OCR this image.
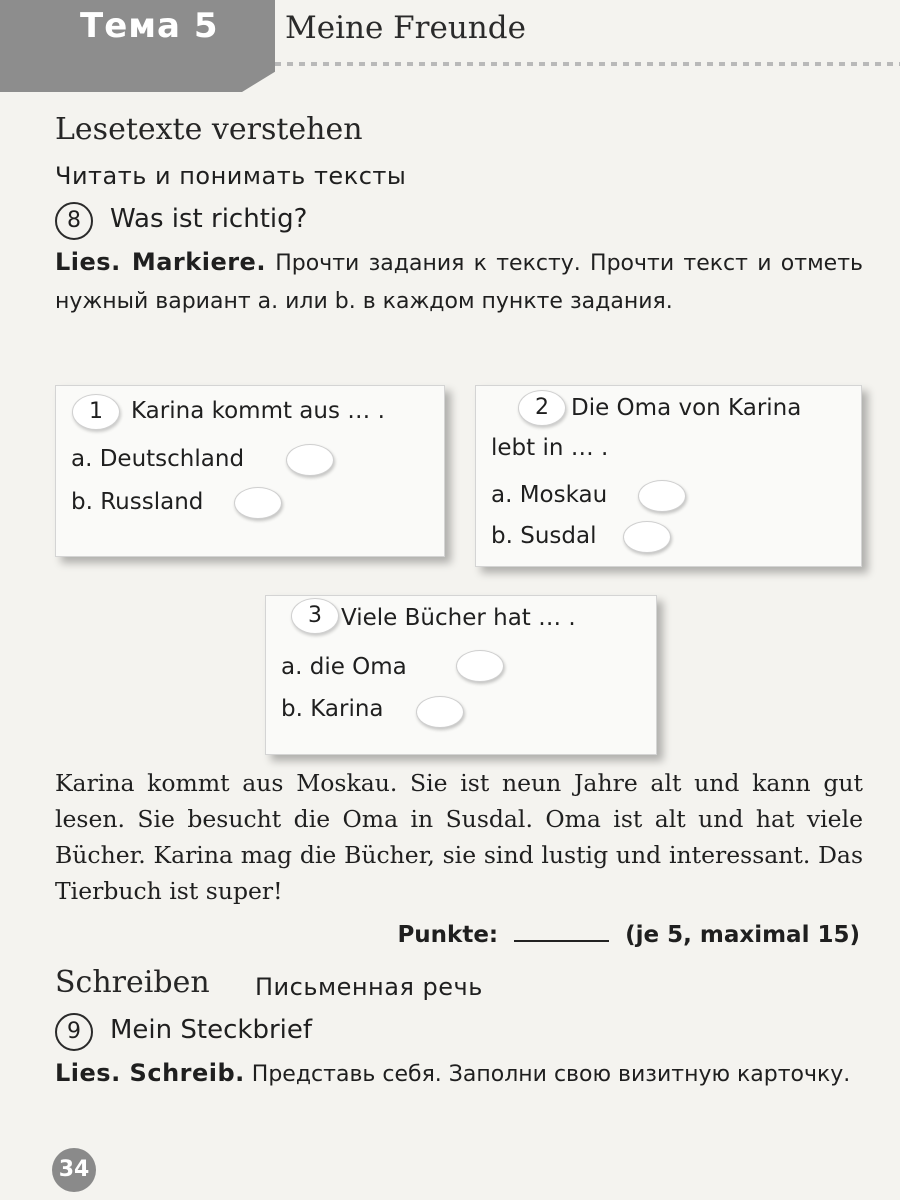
Тема 5 Meine Freunde
Lesetexte verstehen
Читать и понимать тексты
8	Was ist richtig?
Lies. Markiere. Прочти задания к тексту. Прочти текст и отметь нужный вариант a. или b. в каждом пункте задания.
1	Karina kommt aus … .
a. Deutschland
b. Russland
2 Die Oma von Karina lebt in … .
a. Moskau
b. Susdal
3 Viele Bücher hat … .
a. die Oma
b. Karina
Karina kommt aus Moskau. Sie ist neun Jahre alt und kann gut lesen. Sie besucht die Oma in Susdal. Oma ist alt und hat viele Bücher. Karina mag die Bücher, sie sind lustig und interessant. Das Tierbuch ist super!
Punkte:	(je 5, maximal 15)
Schreiben Письменная речь
9	Mein Steckbrief
Lies. Schreib. Представь себя. Заполни свою визитную карточку.
34
